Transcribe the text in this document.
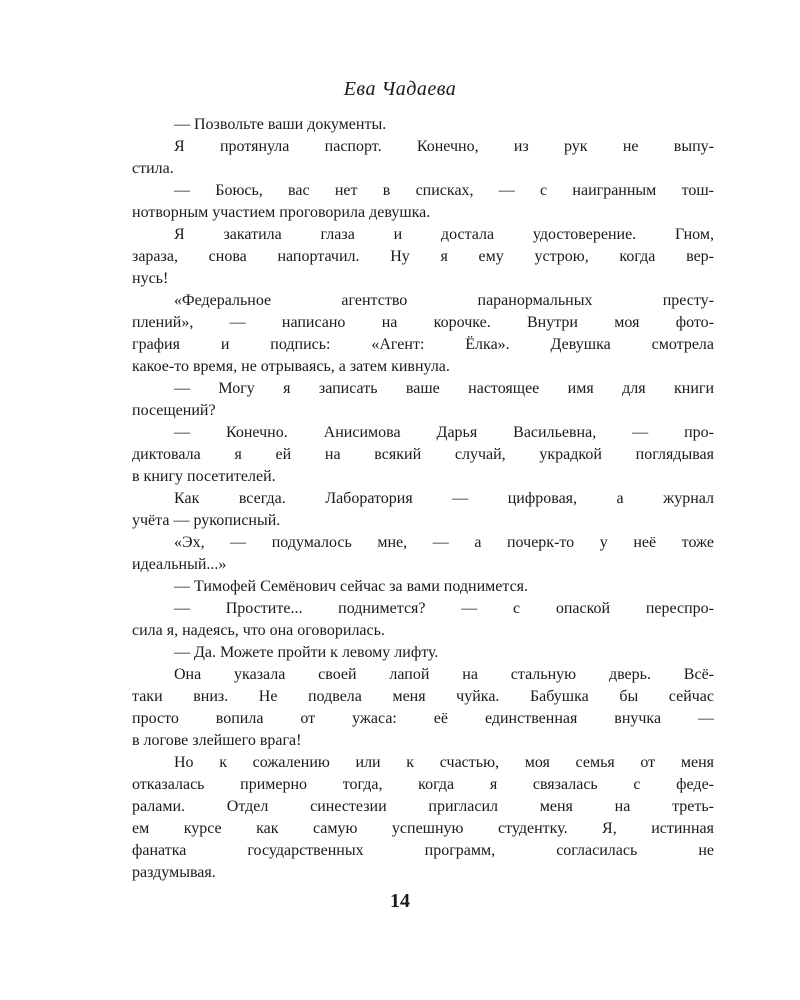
Ева Чадаева
— Позвольте ваши документы.
Я протянула паспорт. Конечно, из рук не выпу-
стила.
— Боюсь, вас нет в списках, — с наигранным тош-
нотворным участием проговорила девушка.
Я закатила глаза и достала удостоверение. Гном,
зараза, снова напортачил. Ну я ему устрою, когда вер-
нусь!
«Федеральное агентство паранормальных престу-
плений», — написано на корочке. Внутри моя фото-
графия и подпись: «Агент: Ёлка». Девушка смотрела
какое-то время, не отрываясь, а затем кивнула.
— Могу я записать ваше настоящее имя для книги
посещений?
— Конечно. Анисимова Дарья Васильевна, — про-
диктовала я ей на всякий случай, украдкой поглядывая
в книгу посетителей.
Как всегда. Лаборатория — цифровая, а журнал
учёта — рукописный.
«Эх, — подумалось мне, — а почерк-то у неё тоже
идеальный...»
— Тимофей Семёнович сейчас за вами поднимется.
— Простите... поднимется? — с опаской переспро-
сила я, надеясь, что она оговорилась.
— Да. Можете пройти к левому лифту.
Она указала своей лапой на стальную дверь. Всё-
таки вниз. Не подвела меня чуйка. Бабушка бы сейчас
просто вопила от ужаса: её единственная внучка —
в логове злейшего врага!
Но к сожалению или к счастью, моя семья от меня
отказалась примерно тогда, когда я связалась с феде-
ралами. Отдел синестезии пригласил меня на треть-
ем курсе как самую успешную студентку. Я, истинная
фанатка государственных программ, согласилась не
раздумывая.
14
